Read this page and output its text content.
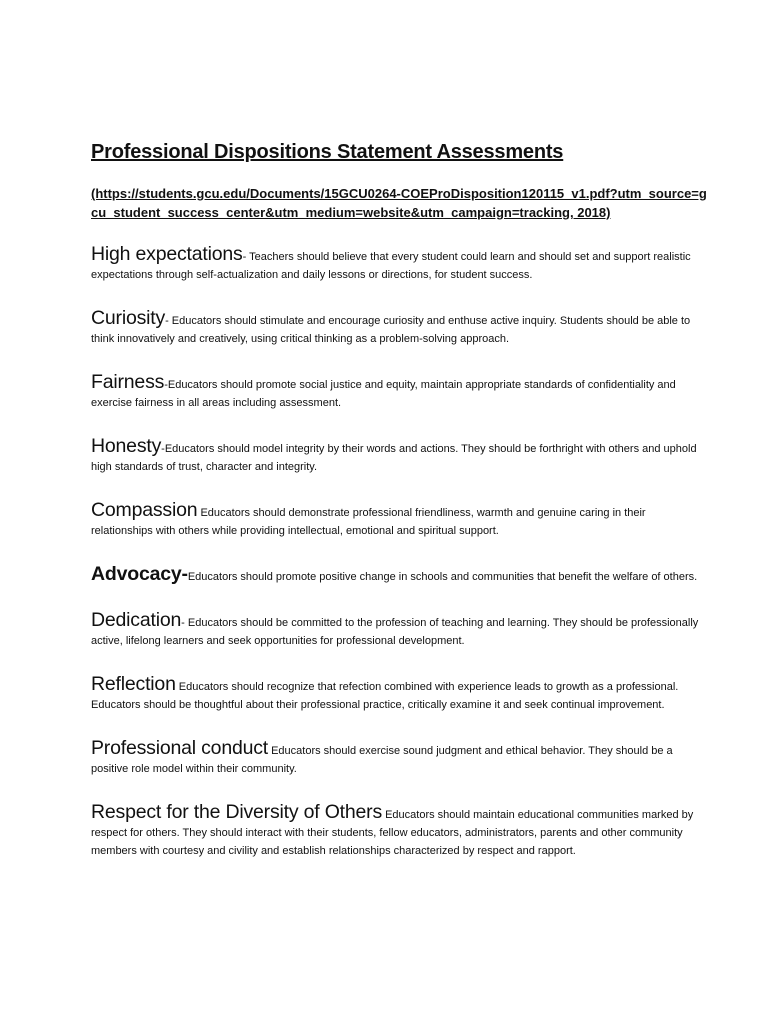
Professional Dispositions Statement Assessments

(https://students.gcu.edu/Documents/15GCU0264-COEProDisposition120115_v1.pdf?utm_source=gcu_student_success_center&utm_medium=website&utm_campaign=tracking, 2018)

High expectations- Teachers should believe that every student could learn and should set and support realistic expectations through self-actualization and daily lessons or directions, for student success.

Curiosity- Educators should stimulate and encourage curiosity and enthuse active inquiry. Students should be able to think innovatively and creatively, using critical thinking as a problem-solving approach.

Fairness-Educators should promote social justice and equity, maintain appropriate standards of confidentiality and exercise fairness in all areas including assessment.

Honesty-Educators should model integrity by their words and actions. They should be forthright with others and uphold high standards of trust, character and integrity.

Compassion Educators should demonstrate professional friendliness, warmth and genuine caring in their relationships with others while providing intellectual, emotional and spiritual support.

Advocacy-Educators should promote positive change in schools and communities that benefit the welfare of others.

Dedication- Educators should be committed to the profession of teaching and learning. They should be professionally active, lifelong learners and seek opportunities for professional development.

Reflection Educators should recognize that refection combined with experience leads to growth as a professional. Educators should be thoughtful about their professional practice, critically examine it and seek continual improvement.

Professional conduct Educators should exercise sound judgment and ethical behavior. They should be a positive role model within their community.

Respect for the Diversity of Others Educators should maintain educational communities marked by respect for others. They should interact with their students, fellow educators, administrators, parents and other community members with courtesy and civility and establish relationships characterized by respect and rapport.
